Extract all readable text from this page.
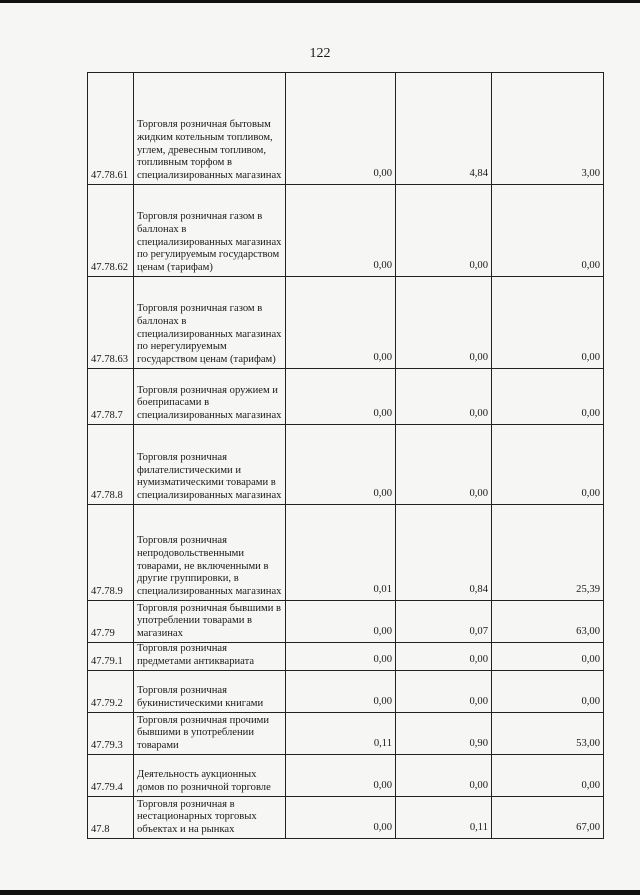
122
47.78.61	Торговля розничная бытовым жидким котельным топливом, углем, древесным топливом, топливным торфом в специализированных магазинах	0,00	4,84	3,00
47.78.62	Торговля розничная газом в баллонах в специализированных магазинах по регулируемым государством ценам (тарифам)	0,00	0,00	0,00
47.78.63	Торговля розничная газом в баллонах в специализированных магазинах по нерегулируемым государством ценам (тарифам)	0,00	0,00	0,00
47.78.7	Торговля розничная оружием и боеприпасами в специализированных магазинах	0,00	0,00	0,00
47.78.8	Торговля розничная филателистическими и нумизматическими товарами в специализированных магазинах	0,00	0,00	0,00
47.78.9	Торговля розничная непродовольственными товарами, не включенными в другие группировки, в специализированных магазинах	0,01	0,84	25,39
47.79	Торговля розничная бывшими в употреблении товарами в магазинах	0,00	0,07	63,00
47.79.1	Торговля розничная предметами антиквариата	0,00	0,00	0,00
47.79.2	Торговля розничная букинистическими книгами	0,00	0,00	0,00
47.79.3	Торговля розничная прочими бывшими в употреблении товарами	0,11	0,90	53,00
47.79.4	Деятельность аукционных домов по розничной торговле	0,00	0,00	0,00
47.8	Торговля розничная в нестационарных торговых объектах и на рынках	0,00	0,11	67,00
